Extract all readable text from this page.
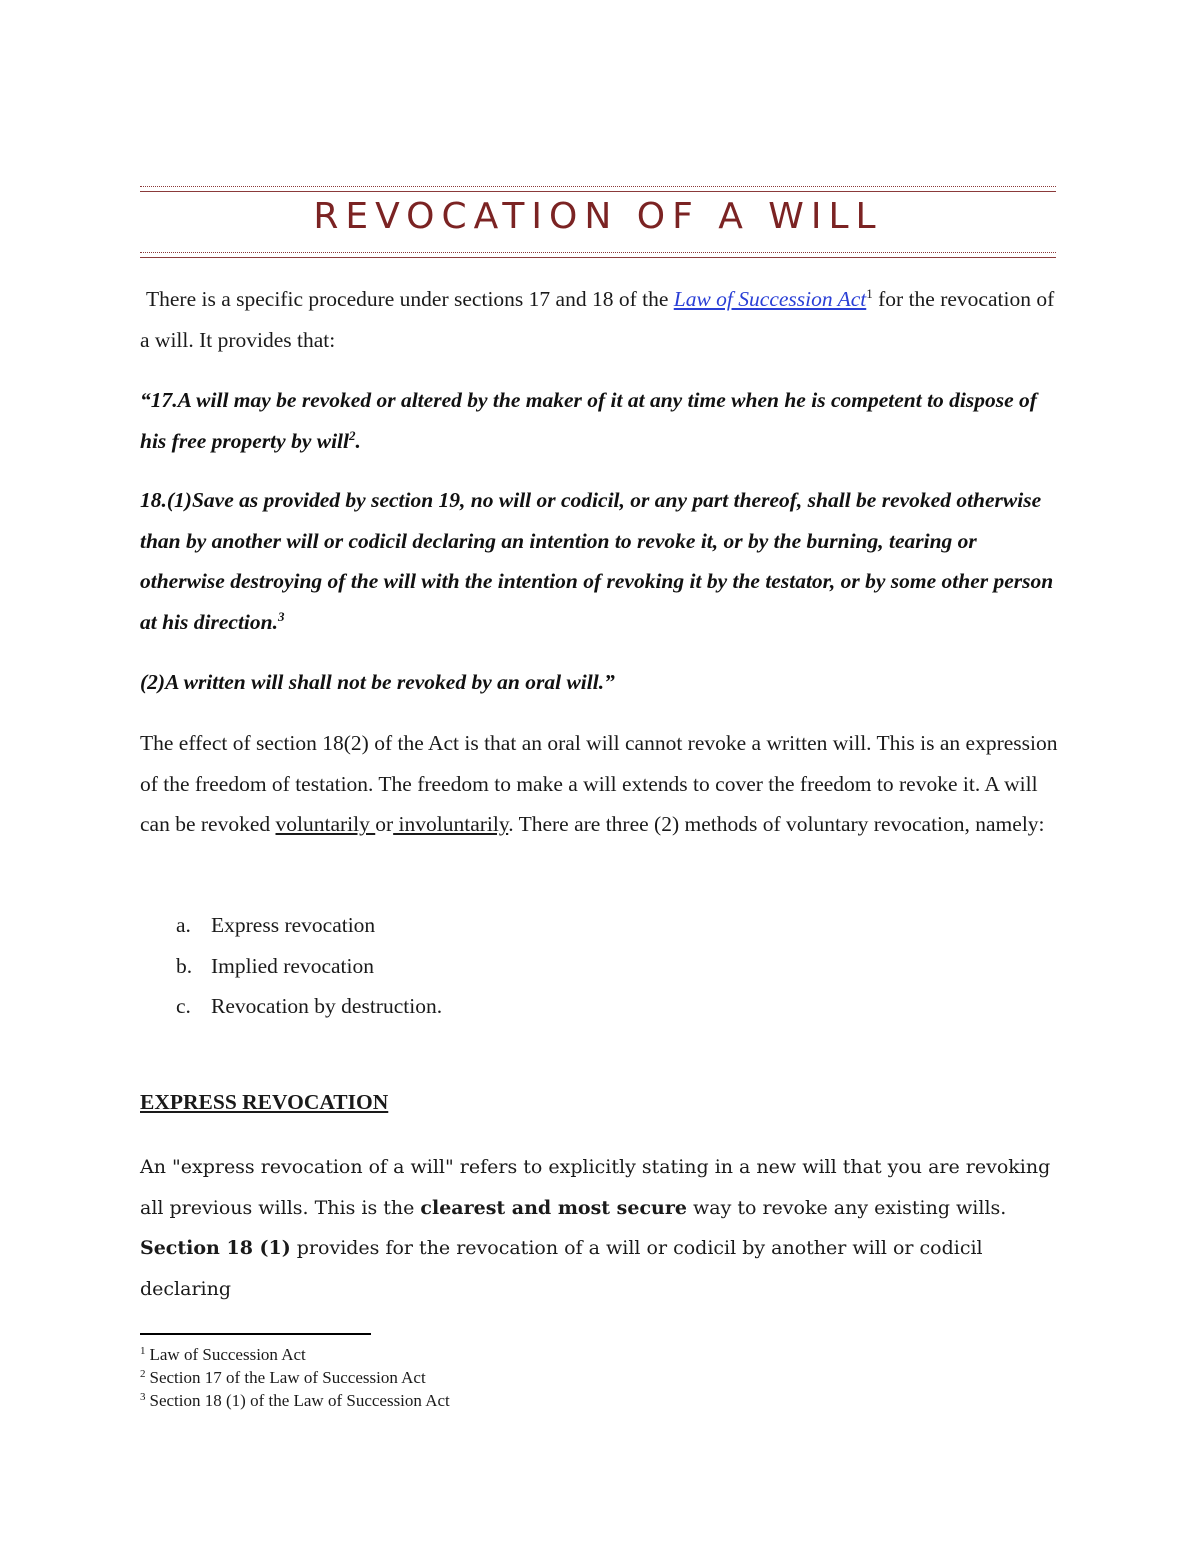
REVOCATION OF A WILL

There is a specific procedure under sections 17 and 18 of the Law of Succession Act$^1$ for the revocation of a will. It provides that:

“17.A will may be revoked or altered by the maker of it at any time when he is competent to dispose of his free property by will$^2$.

18.(1)Save as provided by section 19, no will or codicil, or any part thereof, shall be revoked otherwise than by another will or codicil declaring an intention to revoke it, or by the burning, tearing or otherwise destroying of the will with the intention of revoking it by the testator, or by some other person at his direction.$^3$

(2)A written will shall not be revoked by an oral will.”

The effect of section 18(2) of the Act is that an oral will cannot revoke a written will. This is an expression of the freedom of testation. The freedom to make a will extends to cover the freedom to revoke it. A will can be revoked voluntarily or involuntarily. There are three (2) methods of voluntary revocation, namely:

a. Express revocation
b. Implied revocation
c. Revocation by destruction.
EXPRESS REVOCATION

An "express revocation of a will" refers to explicitly stating in a new will that you are revoking all previous wills. This is the clearest and most secure way to revoke any existing wills. Section 18 (1) provides for the revocation of a will or codicil by another will or codicil declaring

$^1$ Law of Succession Act
$^2$ Section 17 of the Law of Succession Act
$^3$ Section 18 (1) of the Law of Succession Act
